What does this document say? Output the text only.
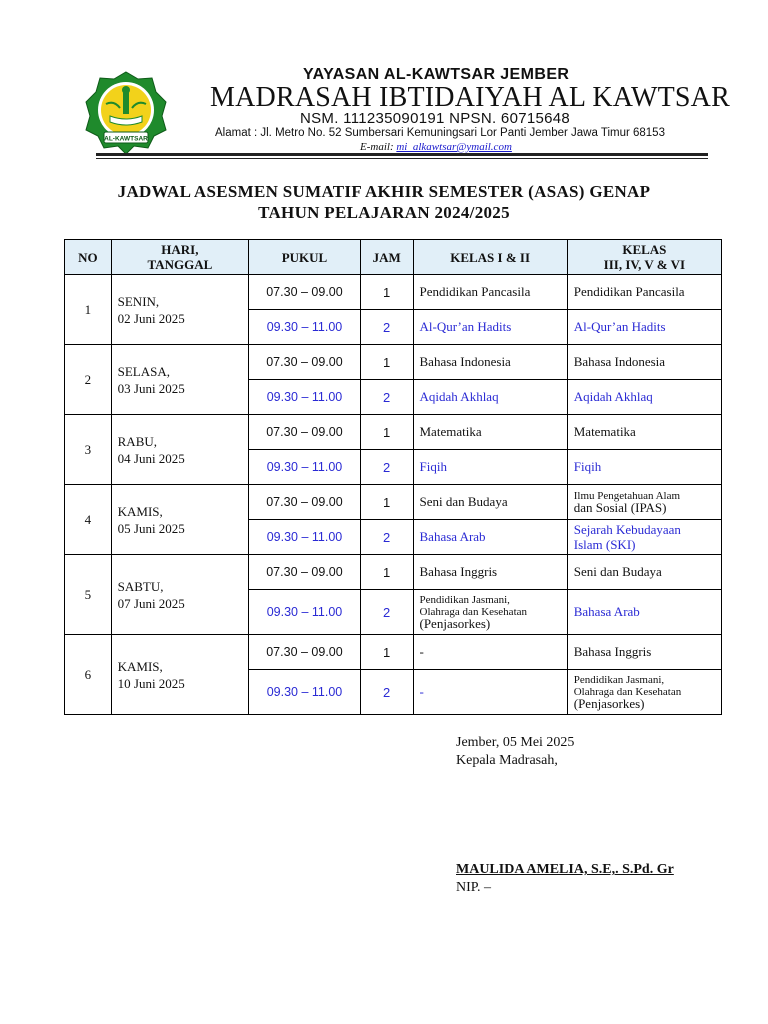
AL-KAWTSAR
YAYASAN AL-KAWTSAR JEMBER
MADRASAH IBTIDAIYAH AL KAWTSAR
NSM. 111235090191 NPSN. 60715648
Alamat : Jl. Metro No. 52 Sumbersari Kemuningsari Lor Panti Jember Jawa Timur 68153
E-mail: mi_alkawtsar@ymail.com
JADWAL ASESMEN SUMATIF AKHIR SEMESTER (ASAS) GENAP
TAHUN PELAJARAN 2024/2025
NO	HARI,
TANGGAL	PUKUL	JAM	KELAS I & II	KELAS
III, IV, V & VI
1	SENIN,
02 Juni 2025	07.30 – 09.00	1	Pendidikan Pancasila	Pendidikan Pancasila
		09.30 – 11.00	2	Al-Qur’an Hadits	Al-Qur’an Hadits
2	SELASA,
03 Juni 2025	07.30 – 09.00	1	Bahasa Indonesia	Bahasa Indonesia
		09.30 – 11.00	2	Aqidah Akhlaq	Aqidah Akhlaq
3	RABU,
04 Juni 2025	07.30 – 09.00	1	Matematika	Matematika
		09.30 – 11.00	2	Fiqih	Fiqih
4	KAMIS,
05 Juni 2025	07.30 – 09.00	1	Seni dan Budaya	Ilmu Pengetahuan Alam
dan Sosial (IPAS)
		09.30 – 11.00	2	Bahasa Arab	Sejarah Kebudayaan
Islam (SKI)
5	SABTU,
07 Juni 2025	07.30 – 09.00	1	Bahasa Inggris	Seni dan Budaya
		09.30 – 11.00	2	Pendidikan Jasmani,
Olahraga dan Kesehatan
(Penjasorkes)	Bahasa Arab
6	KAMIS,
10 Juni 2025	07.30 – 09.00	1	-	Bahasa Inggris
		09.30 – 11.00	2	-	Pendidikan Jasmani,
Olahraga dan Kesehatan
(Penjasorkes)
Jember, 05 Mei 2025
Kepala Madrasah,
MAULIDA AMELIA, S.E,. S.Pd. Gr
NIP. –
